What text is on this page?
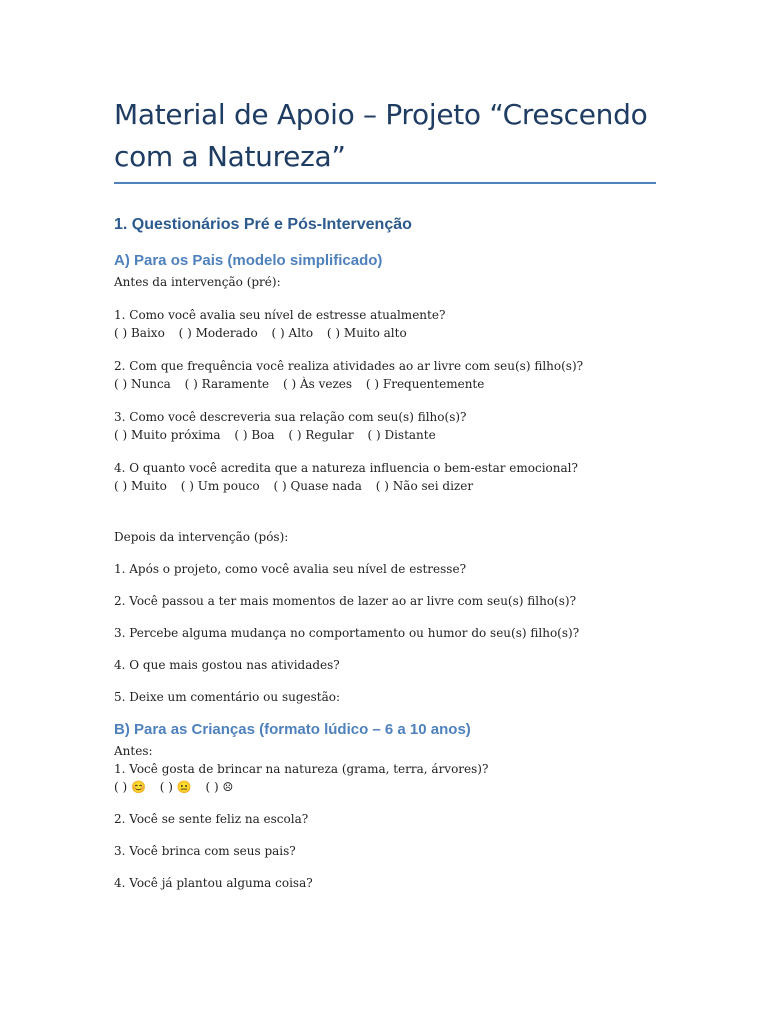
Material de Apoio – Projeto “Crescendo
com a Natureza”
1. Questionários Pré e Pós-Intervenção
A) Para os Pais (modelo simplificado)

Antes da intervenção (pré):

1. Como você avalia seu nível de estresse atualmente?

( ) Baixo ( ) Moderado ( ) Alto ( ) Muito alto

2. Com que frequência você realiza atividades ao ar livre com seu(s) filho(s)?

( ) Nunca ( ) Raramente ( ) Às vezes ( ) Frequentemente

3. Como você descreveria sua relação com seu(s) filho(s)?

( ) Muito próxima ( ) Boa ( ) Regular ( ) Distante

4. O quanto você acredita que a natureza influencia o bem-estar emocional?

( ) Muito ( ) Um pouco ( ) Quase nada ( ) Não sei dizer

Depois da intervenção (pós):

1. Após o projeto, como você avalia seu nível de estresse?

2. Você passou a ter mais momentos de lazer ao ar livre com seu(s) filho(s)?

3. Percebe alguma mudança no comportamento ou humor do seu(s) filho(s)?

4. O que mais gostou nas atividades?

5. Deixe um comentário ou sugestão:

B) Para as Crianças (formato lúdico – 6 a 10 anos)

Antes:

1. Você gosta de brincar na natureza (grama, terra, árvores)?

( ) 😊 ( ) 😐 ( ) ☹

2. Você se sente feliz na escola?

3. Você brinca com seus pais?

4. Você já plantou alguma coisa?
